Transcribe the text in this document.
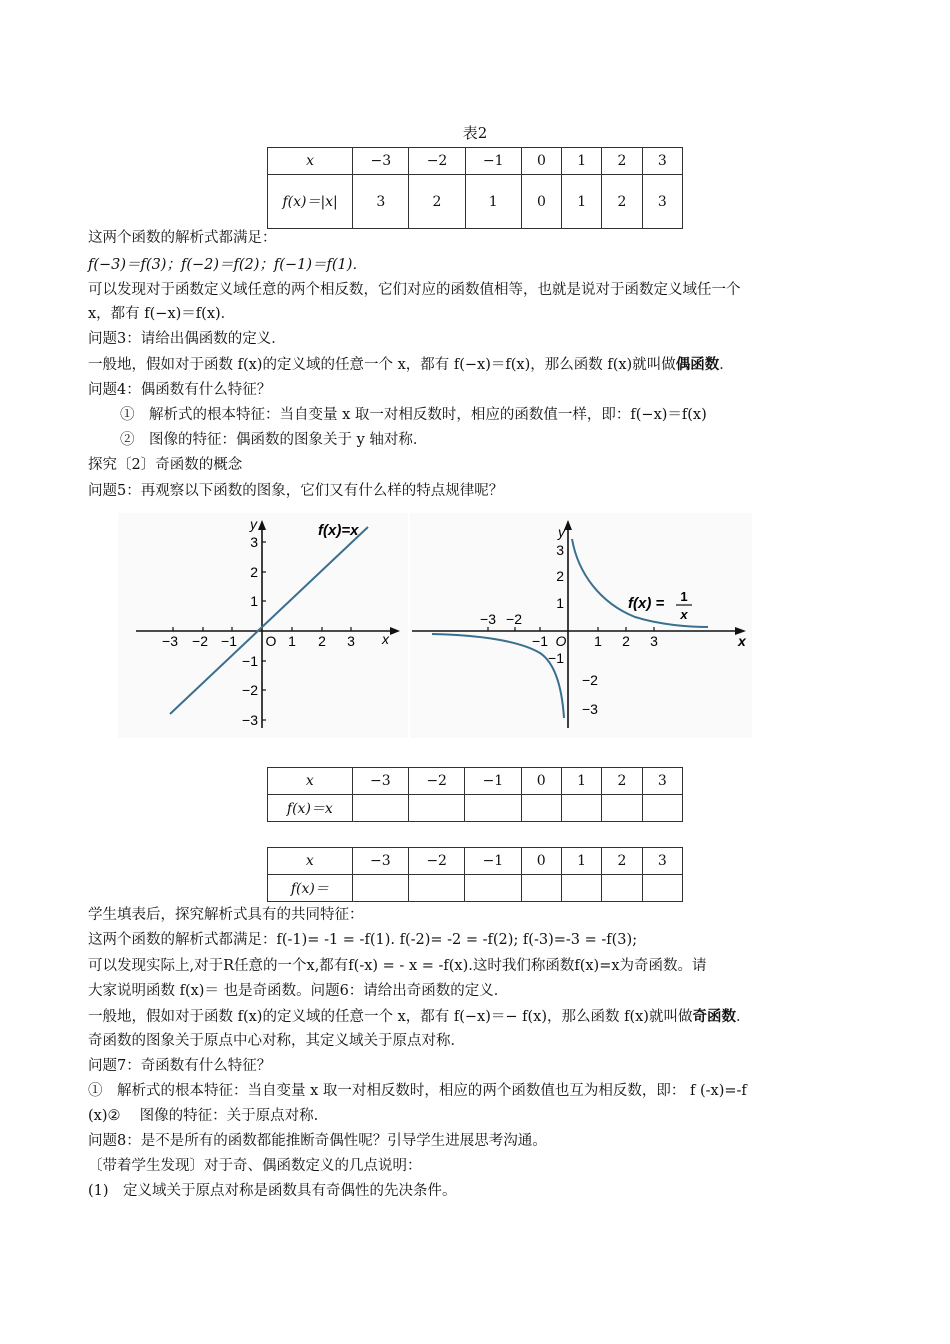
表2
x	−3	−2	−1	0	1	2	3
f(x)＝|x|	3	2	1	0	1	2	3
这两个函数的解析式都满足：
f(−3)＝f(3)；f(−2)＝f(2)；f(−1)＝f(1)．
可以发现对于函数定义域任意的两个相反数，它们对应的函数值相等，也就是说对于函数定义域任一个
x，都有 f(−x)＝f(x)．
问题3：请给出偶函数的定义．
一般地，假如对于函数 f(x)的定义域的任意一个 x，都有 f(−x)＝f(x)，那么函数 f(x)就叫做偶函数．
问题4：偶函数有什么特征？
①　解析式的根本特征：当自变量 x 取一对相反数时，相应的函数值一样，即：f(−x)＝f(x)
②　图像的特征：偶函数的图象关于 y 轴对称．
探究〔2〕奇函数的概念
问题5：再观察以下函数的图象，它们又有什么样的特点规律呢？
f(x)=x
x
y
−3 −2 −1 O 1 2 3
1
2
3
−1
−2
−3
f(x) = 1
x
x
y
−3 −2
−1 O 1 2 3
1
2
3
−1
−2
−3
x	−3	−2	−1	0	1	2	3
f(x)＝x							
x	−3	−2	−1	0	1	2	3
f(x)＝							
学生填表后，探究解析式具有的共同特征：
这两个函数的解析式都满足：f(-1)= -1 = -f(1). f(-2)= -2 = -f(2); f(-3)=-3 = -f(3);
可以发现实际上,对于R任意的一个x,都有f(-x) = - x = -f(x).这时我们称函数f(x)=x为奇函数。请
大家说明函数 f(x)＝ 也是奇函数。问题6：请给出奇函数的定义．
一般地，假如对于函数 f(x)的定义域的任意一个 x，都有 f(−x)＝− f(x)，那么函数 f(x)就叫做奇函数．
奇函数的图象关于原点中心对称，其定义域关于原点对称．
问题7：奇函数有什么特征？
①　解析式的根本特征：当自变量 x 取一对相反数时，相应的两个函数值也互为相反数，即： f (-x)=-f
(x)②　 图像的特征：关于原点对称.
问题8：是不是所有的函数都能推断奇偶性呢？引导学生进展思考沟通。
〔带着学生发现〕对于奇、偶函数定义的几点说明：
(1)　定义域关于原点对称是函数具有奇偶性的先决条件。
